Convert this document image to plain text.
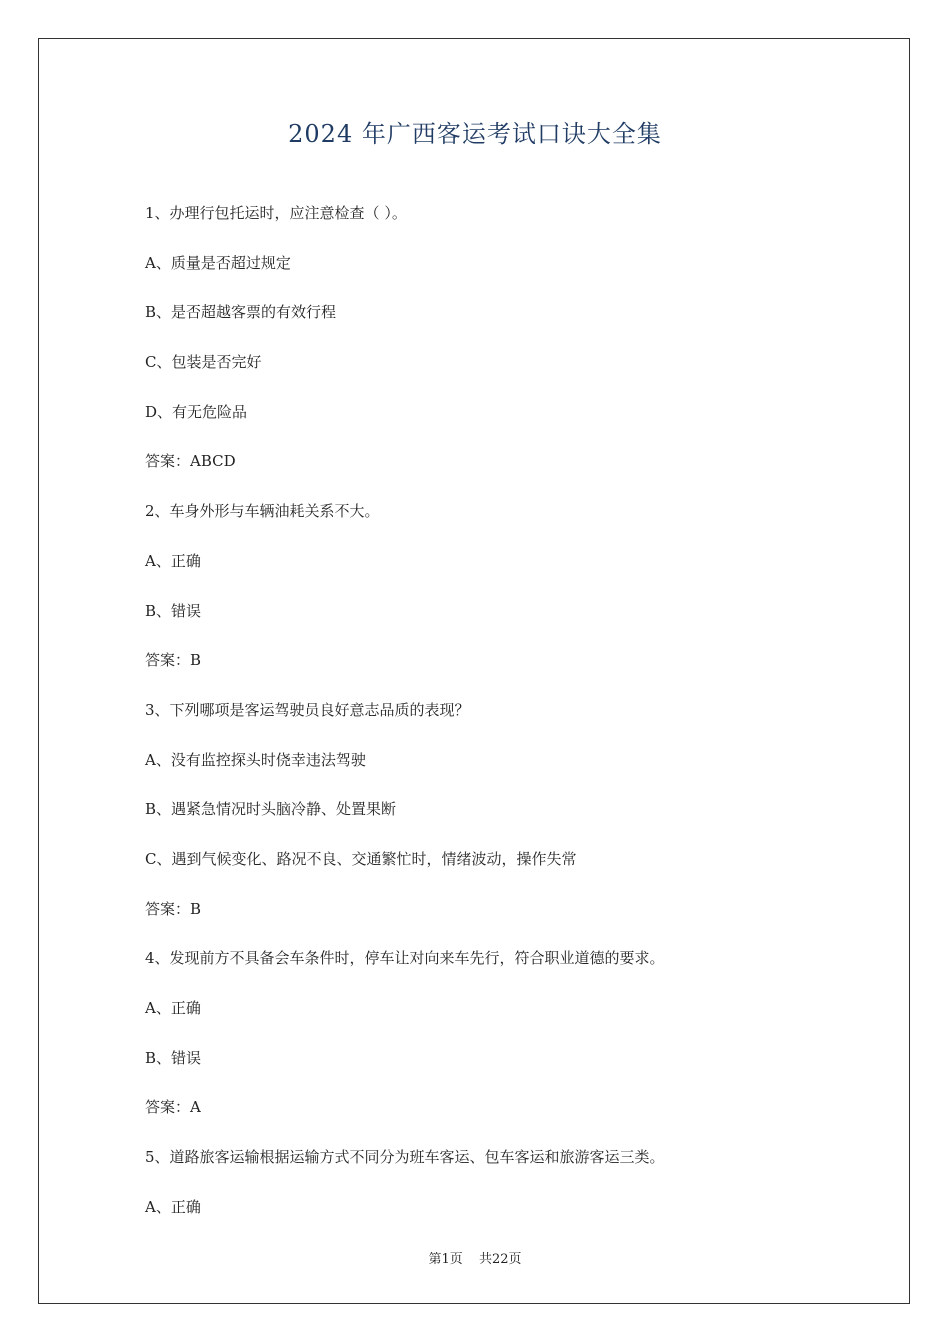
2024 年广西客运考试口诀大全集
1、办理行包托运时，应注意检查（ ）。
A、质量是否超过规定
B、是否超越客票的有效行程
C、包装是否完好
D、有无危险品
答案：ABCD
2、车身外形与车辆油耗关系不大。
A、正确
B、错误
答案：B
3、下列哪项是客运驾驶员良好意志品质的表现？
A、没有监控探头时侥幸违法驾驶
B、遇紧急情况时头脑冷静、处置果断
C、遇到气候变化、路况不良、交通繁忙时，情绪波动，操作失常
答案：B
4、发现前方不具备会车条件时，停车让对向来车先行，符合职业道德的要求。
A、正确
B、错误
答案：A
5、道路旅客运输根据运输方式不同分为班车客运、包车客运和旅游客运三类。
A、正确
第1页 共22页
